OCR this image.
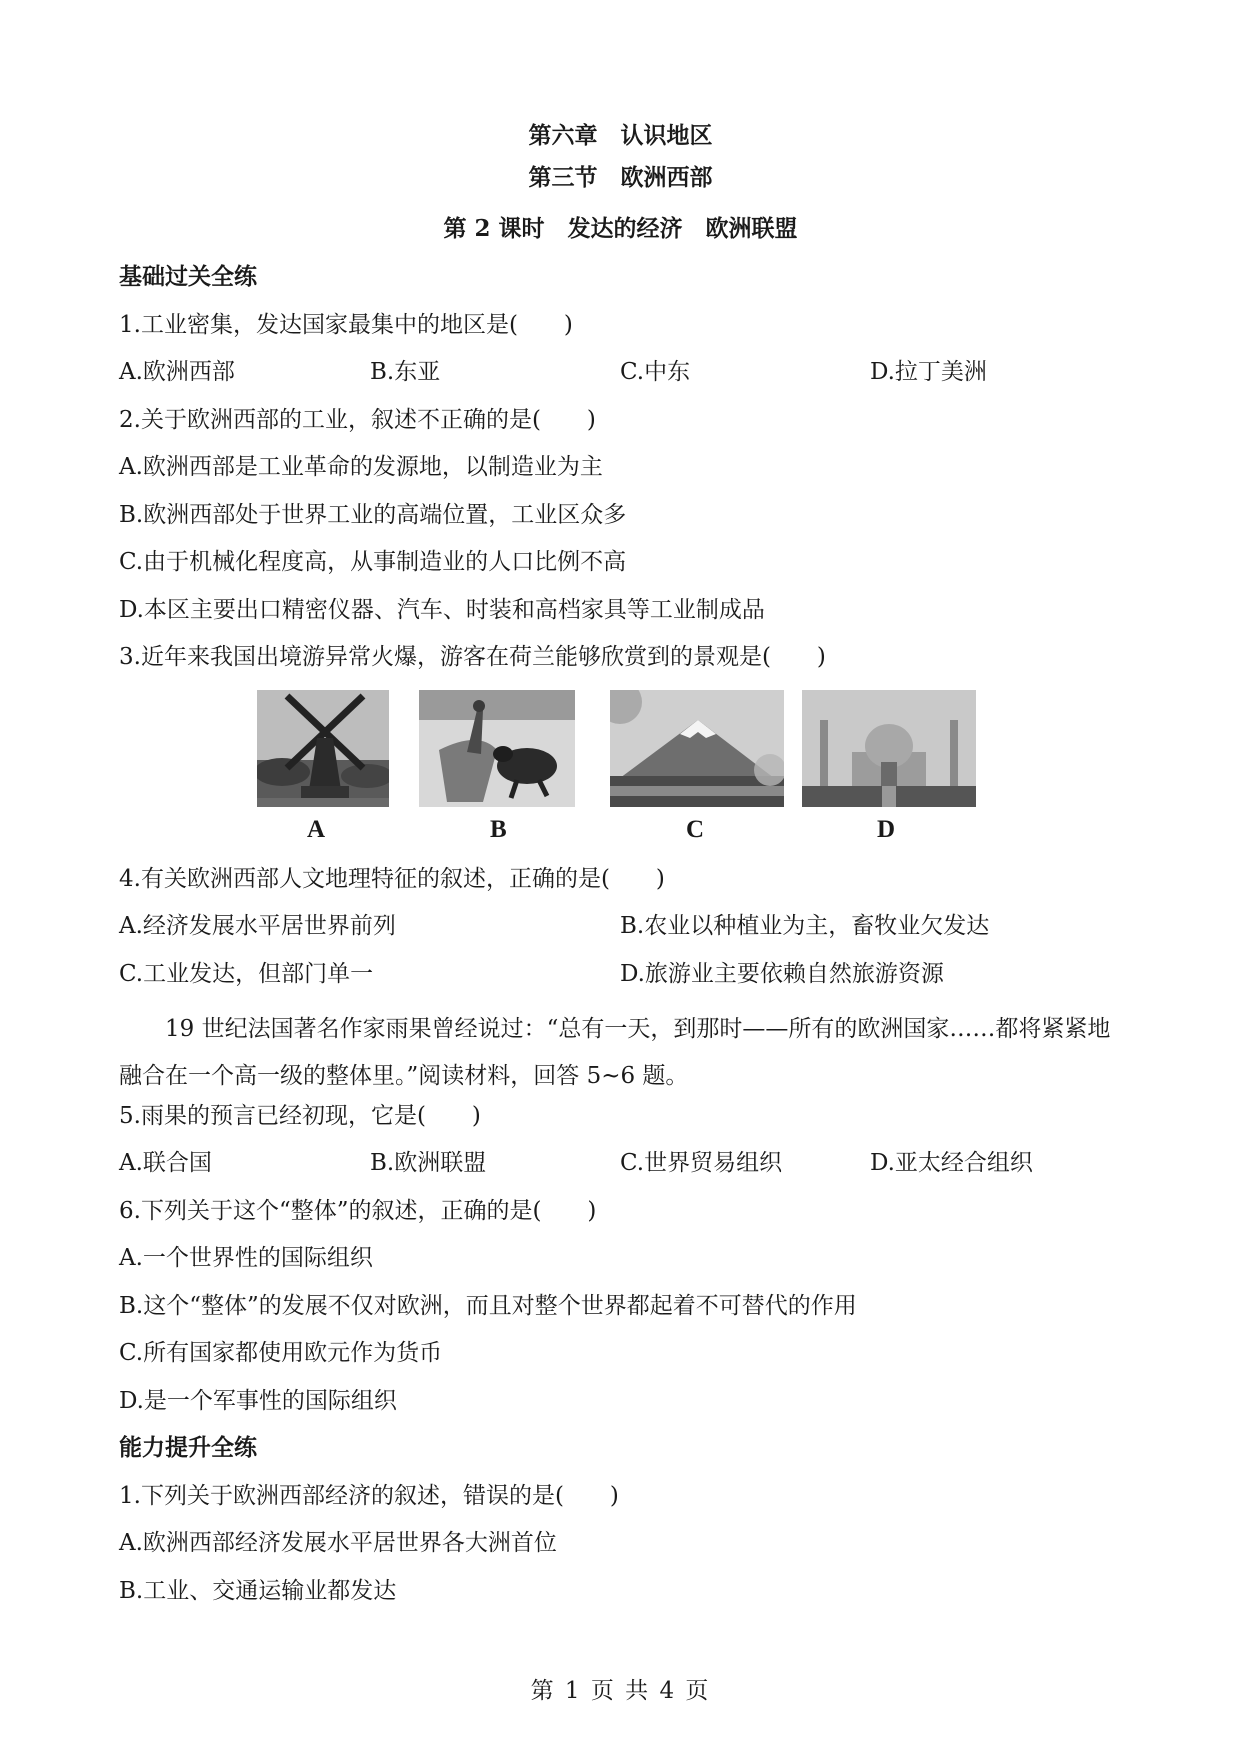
第六章　认识地区
第三节　欧洲西部
第 2 课时　发达的经济　欧洲联盟
基础过关全练
1.工业密集，发达国家最集中的地区是(　　)
A.欧洲西部	B.东亚	C.中东	D.拉丁美洲
2.关于欧洲西部的工业，叙述不正确的是(　　)
A.欧洲西部是工业革命的发源地，以制造业为主
B.欧洲西部处于世界工业的高端位置，工业区众多
C.由于机械化程度高，从事制造业的人口比例不高
D.本区主要出口精密仪器、汽车、时装和高档家具等工业制成品
3.近年来我国出境游异常火爆，游客在荷兰能够欣赏到的景观是(　　)
A	B	C	D
4.有关欧洲西部人文地理特征的叙述，正确的是(　　)
A.经济发展水平居世界前列	B.农业以种植业为主，畜牧业欠发达
C.工业发达，但部门单一	D.旅游业主要依赖自然旅游资源
19 世纪法国著名作家雨果曾经说过：“总有一天，到那时——所有的欧洲国家……都将紧紧地融合在一个高一级的整体里。”阅读材料，回答 5~6 题。
5.雨果的预言已经初现，它是(　　)
A.联合国	B.欧洲联盟	C.世界贸易组织	D.亚太经合组织
6.下列关于这个“整体”的叙述，正确的是(　　)
A.一个世界性的国际组织
B.这个“整体”的发展不仅对欧洲，而且对整个世界都起着不可替代的作用
C.所有国家都使用欧元作为货币
D.是一个军事性的国际组织
能力提升全练
1.下列关于欧洲西部经济的叙述，错误的是(　　)
A.欧洲西部经济发展水平居世界各大洲首位
B.工业、交通运输业都发达
第 1 页 共 4 页
